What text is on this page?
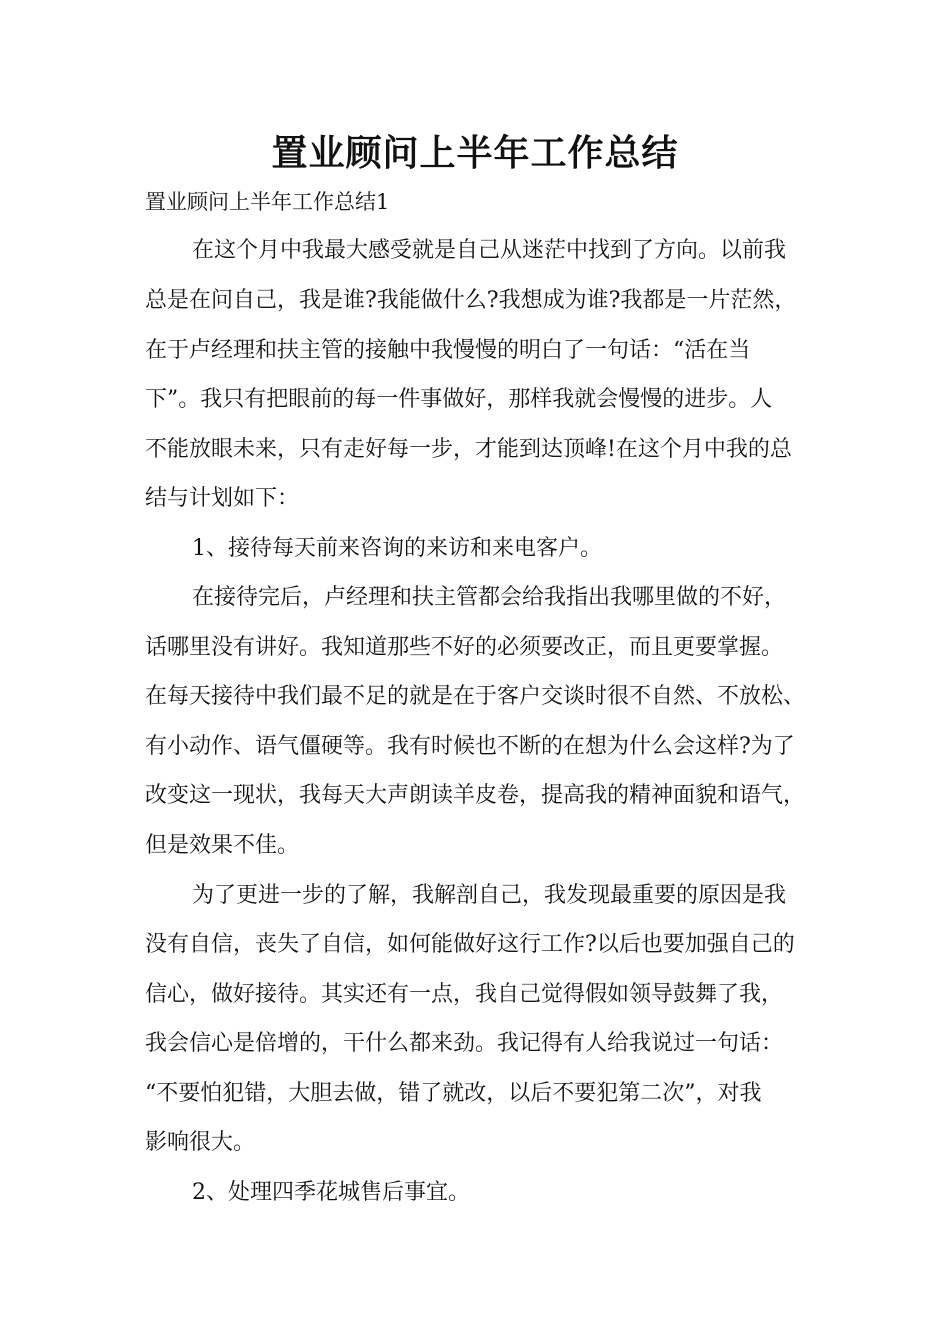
置业顾问上半年工作总结
置业顾问上半年工作总结1
在这个月中我最大感受就是自己从迷茫中找到了方向。以前我
总是在问自己，我是谁?我能做什么?我想成为谁?我都是一片茫然，
在于卢经理和扶主管的接触中我慢慢的明白了一句话：“活在当
下”。我只有把眼前的每一件事做好，那样我就会慢慢的进步。人
不能放眼未来，只有走好每一步，才能到达顶峰!在这个月中我的总
结与计划如下：
1、接待每天前来咨询的来访和来电客户。
在接待完后，卢经理和扶主管都会给我指出我哪里做的不好，
话哪里没有讲好。我知道那些不好的必须要改正，而且更要掌握。
在每天接待中我们最不足的就是在于客户交谈时很不自然、不放松、
有小动作、语气僵硬等。我有时候也不断的在想为什么会这样?为了
改变这一现状，我每天大声朗读羊皮卷，提高我的精神面貌和语气，
但是效果不佳。
为了更进一步的了解，我解剖自己，我发现最重要的原因是我
没有自信，丧失了自信，如何能做好这行工作?以后也要加强自己的
信心，做好接待。其实还有一点，我自己觉得假如领导鼓舞了我，
我会信心是倍增的，干什么都来劲。我记得有人给我说过一句话：
“不要怕犯错，大胆去做，错了就改，以后不要犯第二次”，对我
影响很大。
2、处理四季花城售后事宜。
